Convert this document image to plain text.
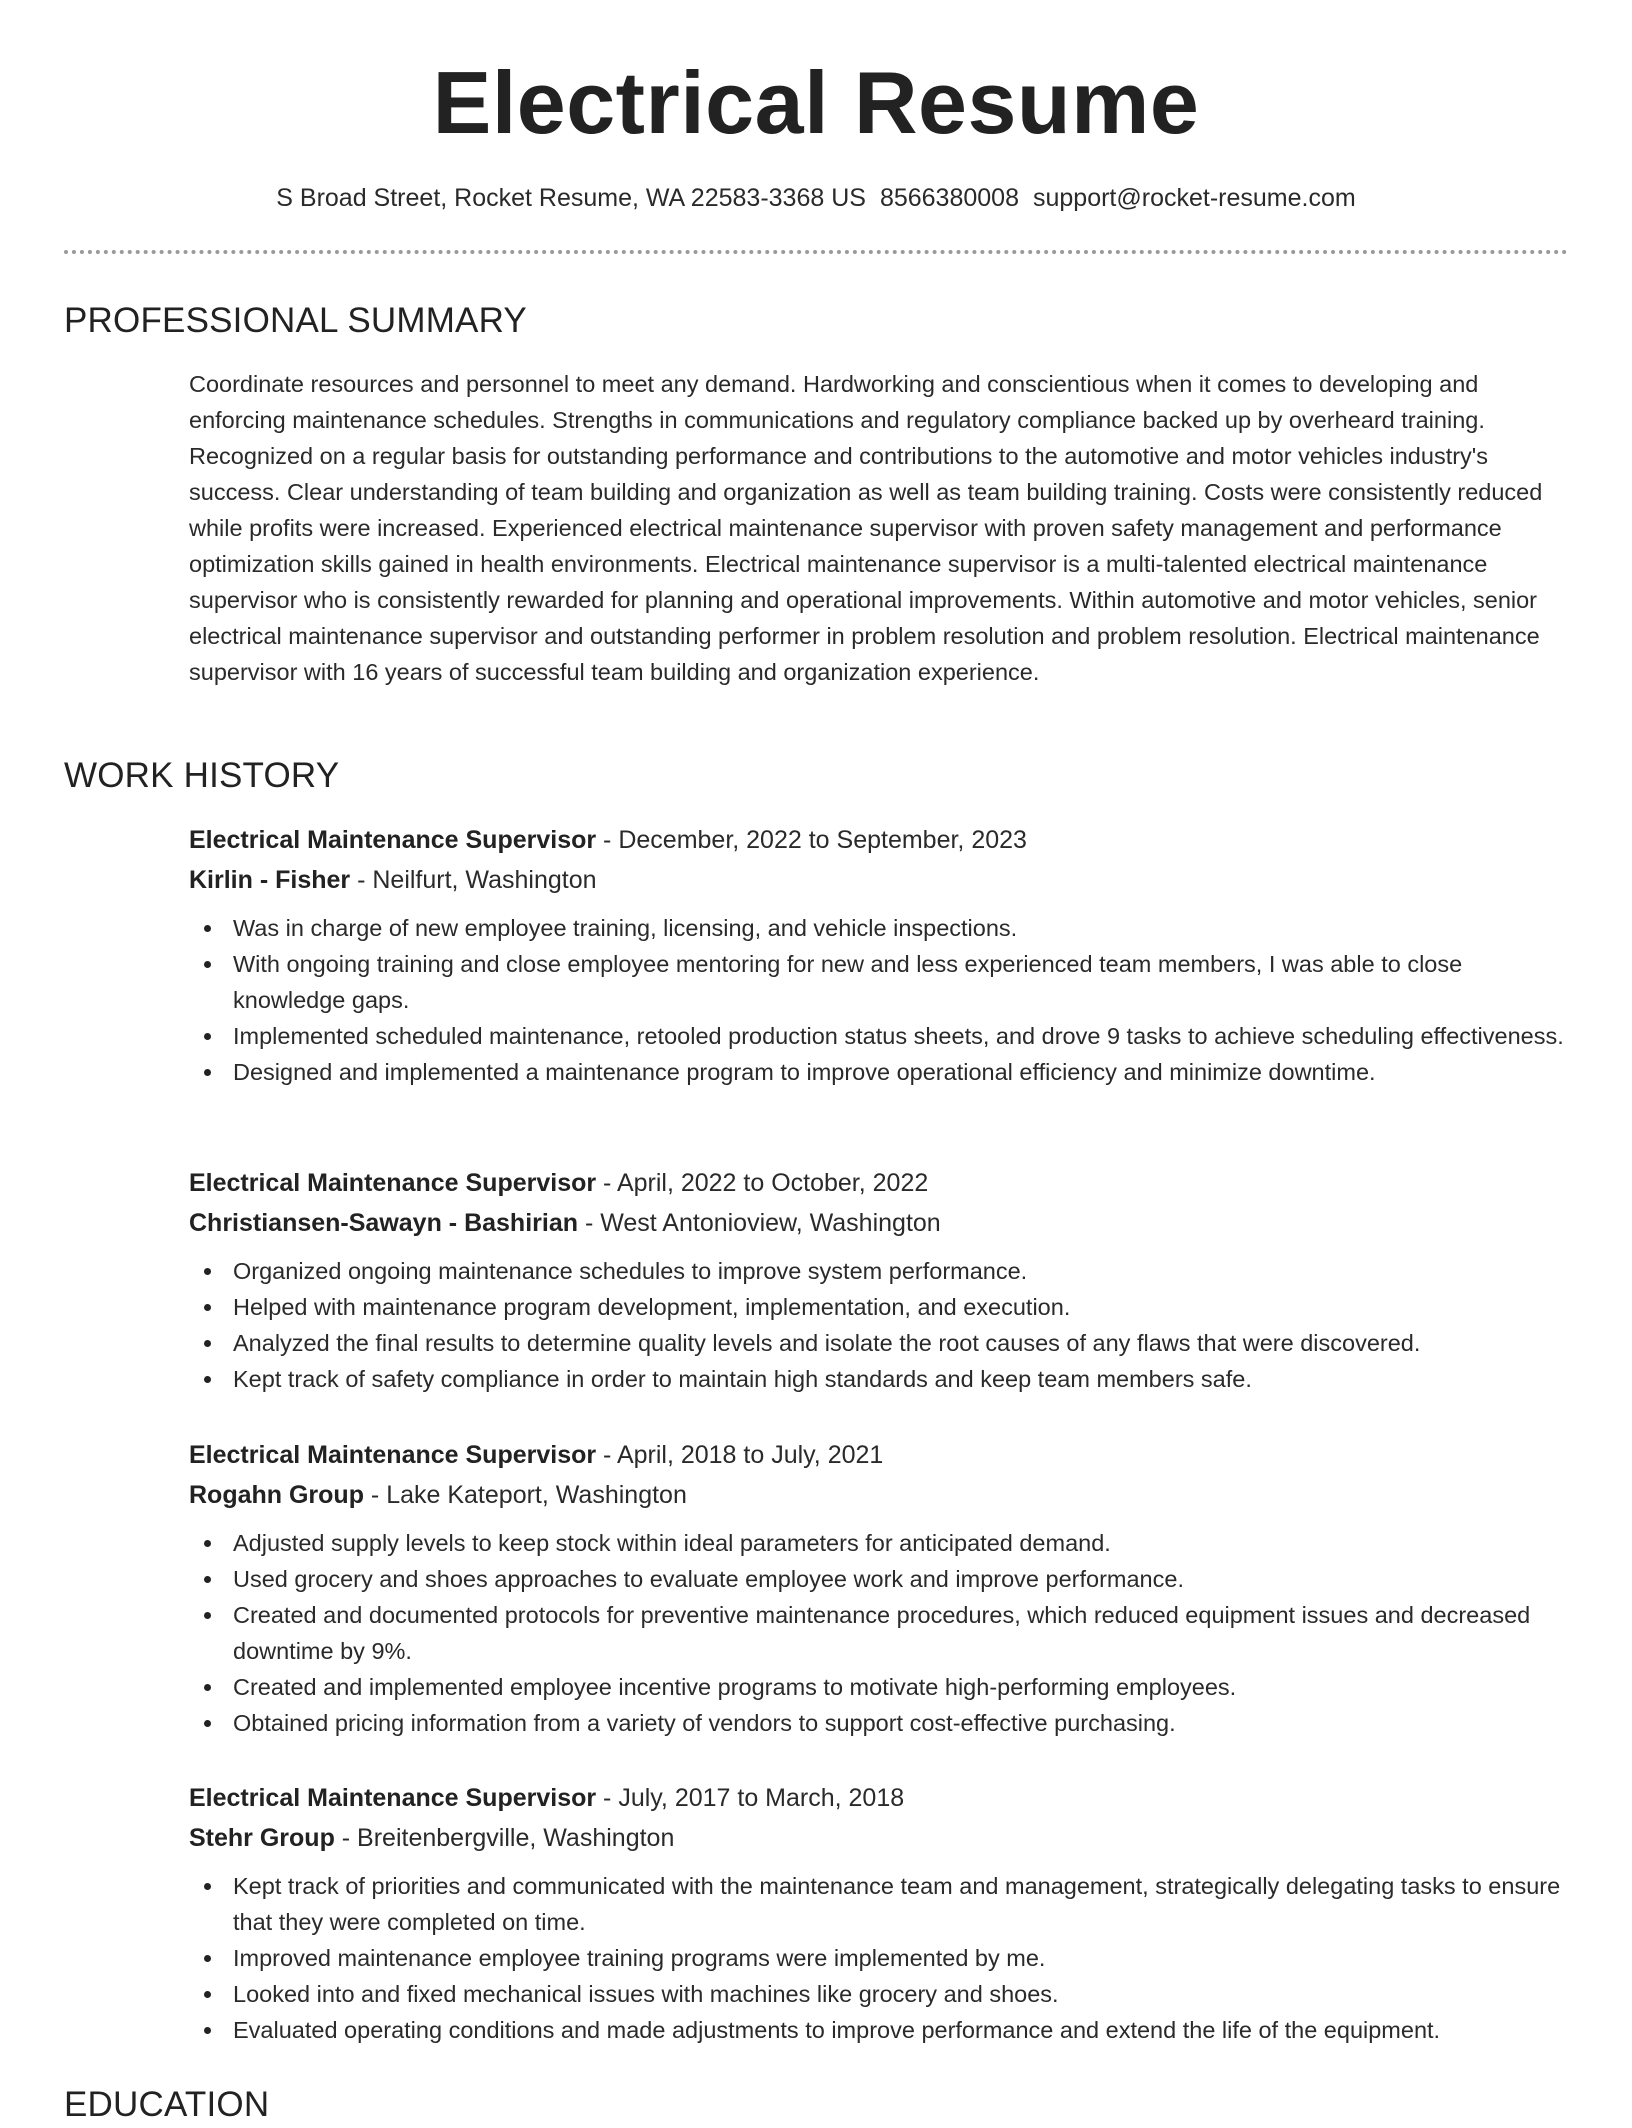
Electrical Resume
S Broad Street, Rocket Resume, WA 22583-3368 US 8566380008 support@rocket-resume.com
PROFESSIONAL SUMMARY

Coordinate resources and personnel to meet any demand. Hardworking and conscientious when it comes to developing and enforcing maintenance schedules. Strengths in communications and regulatory compliance backed up by overheard training. Recognized on a regular basis for outstanding performance and contributions to the automotive and motor vehicles industry's success. Clear understanding of team building and organization as well as team building training. Costs were consistently reduced while profits were increased. Experienced electrical maintenance supervisor with proven safety management and performance optimization skills gained in health environments. Electrical maintenance supervisor is a multi-talented electrical maintenance supervisor who is consistently rewarded for planning and operational improvements. Within automotive and motor vehicles, senior electrical maintenance supervisor and outstanding performer in problem resolution and problem resolution. Electrical maintenance supervisor with 16 years of successful team building and organization experience.

WORK HISTORY
Electrical Maintenance Supervisor - December, 2022 to September, 2023
Kirlin - Fisher - Neilfurt, Washington
Was in charge of new employee training, licensing, and vehicle inspections.
With ongoing training and close employee mentoring for new and less experienced team members, I was able to close knowledge gaps.
Implemented scheduled maintenance, retooled production status sheets, and drove 9 tasks to achieve scheduling effectiveness.
Designed and implemented a maintenance program to improve operational efficiency and minimize downtime.
Electrical Maintenance Supervisor - April, 2022 to October, 2022
Christiansen-Sawayn - Bashirian - West Antonioview, Washington
Organized ongoing maintenance schedules to improve system performance.
Helped with maintenance program development, implementation, and execution.
Analyzed the final results to determine quality levels and isolate the root causes of any flaws that were discovered.
Kept track of safety compliance in order to maintain high standards and keep team members safe.
Electrical Maintenance Supervisor - April, 2018 to July, 2021
Rogahn Group - Lake Kateport, Washington
Adjusted supply levels to keep stock within ideal parameters for anticipated demand.
Used grocery and shoes approaches to evaluate employee work and improve performance.
Created and documented protocols for preventive maintenance procedures, which reduced equipment issues and decreased downtime by 9%.
Created and implemented employee incentive programs to motivate high-performing employees.
Obtained pricing information from a variety of vendors to support cost-effective purchasing.
Electrical Maintenance Supervisor - July, 2017 to March, 2018
Stehr Group - Breitenbergville, Washington
Kept track of priorities and communicated with the maintenance team and management, strategically delegating tasks to ensure that they were completed on time.
Improved maintenance employee training programs were implemented by me.
Looked into and fixed mechanical issues with machines like grocery and shoes.
Evaluated operating conditions and made adjustments to improve performance and extend the life of the equipment.
EDUCATION
